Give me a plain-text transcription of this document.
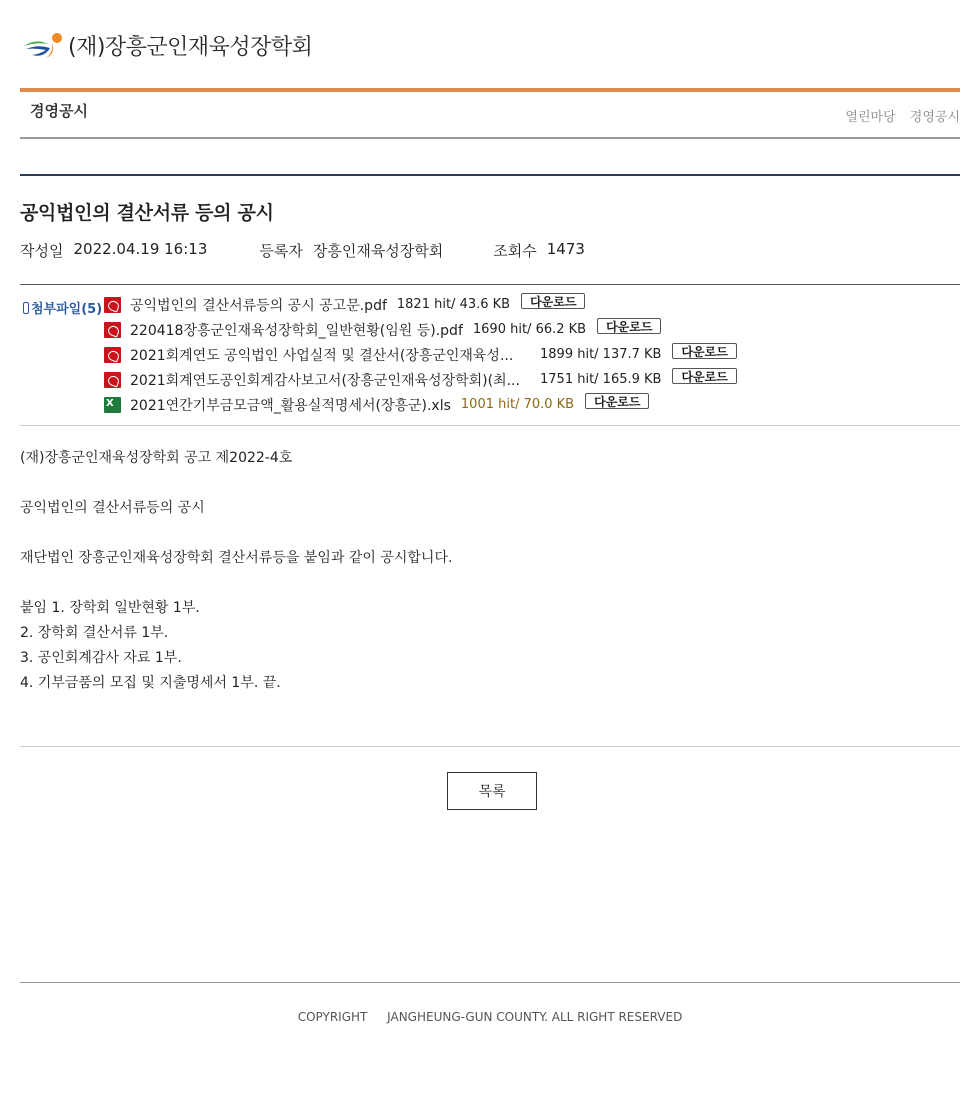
(재)장흥군인재육성장학회
경영공시	열린마당 경영공시
공익법인의 결산서류 등의 공시
작성일 2022.04.19 16:13	등록자 장흥인재육성장학회	조회수 1473
첨부파일(5) 공익법인의 결산서류등의 공시 공고문.pdf 1821 hit/ 43.6 KB	다운로드
220418장흥군인재육성장학회_일반현황(임원 등).pdf 1690 hit/ 66.2 KB	다운로드
2021회계연도 공익법인 사업실적 및 결산서(장흥군인재육성...	1899 hit/ 137.7 KB	다운로드
2021회계연도공인회계감사보고서(장흥군인재육성장학회)(최...	1751 hit/ 165.9 KB	다운로드
X
2021연간기부금모금액_활용실적명세서(장흥군).xls 1001 hit/ 70.0 KB	다운로드
(재)장흥군인재육성장학회 공고 제2022-4호
공익법인의 결산서류등의 공시
재단법인 장흥군인재육성장학회 결산서류등을 붙임과 같이 공시합니다.
붙임 1. 장학회 일반현황 1부.
2. 장학회 결산서류 1부.
3. 공인회계감사 자료 1부.
4. 기부금품의 모집 및 지출명세서 1부. 끝.
목록
COPYRIGHT JANGHEUNG-GUN COUNTY. ALL RIGHT RESERVED
